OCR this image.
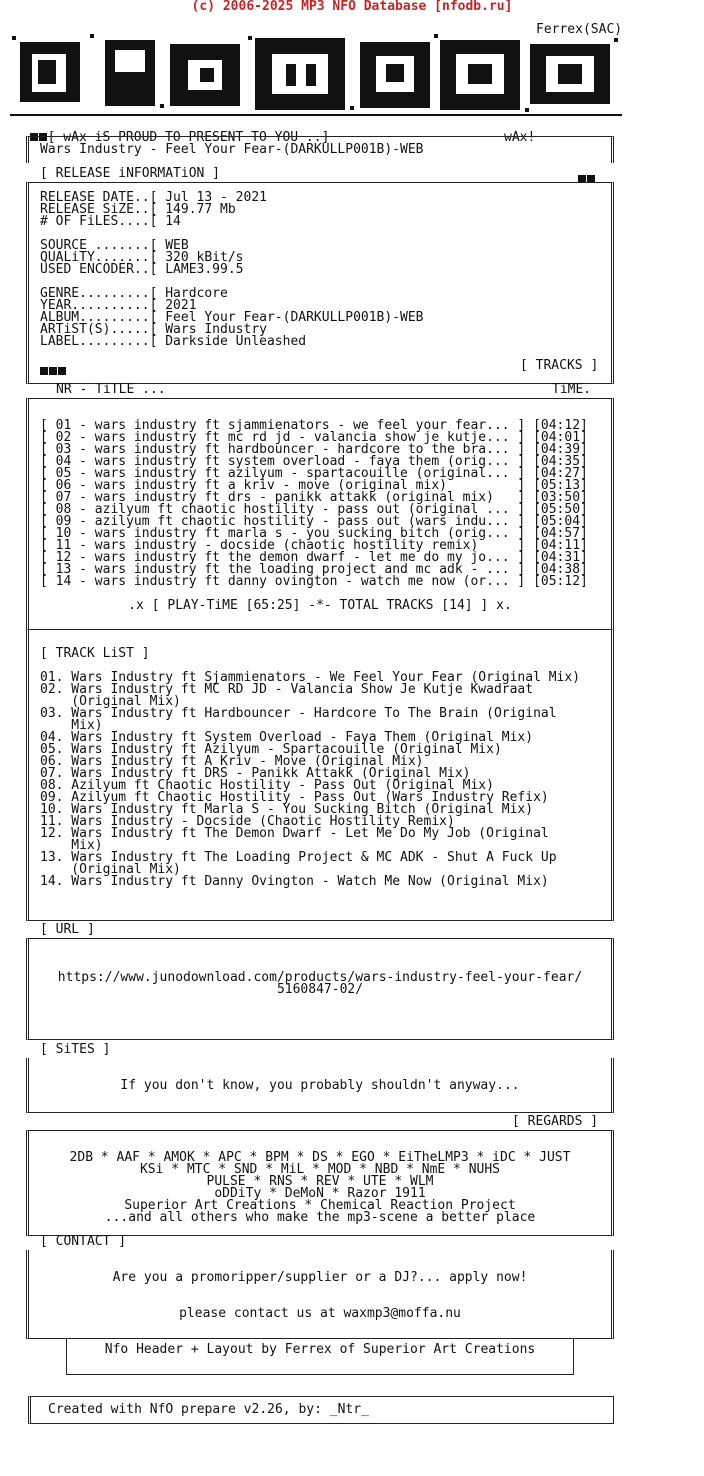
(c) 2006-2025 MP3 NFO Database [nfodb.ru]
Ferrex(SAC)

[ wAx iS PROUD TO PRESENT TO YOU ..]	wAx!
Wars Industry - Feel Your Fear-(DARKULLP001B)-WEB
[ RELEASE iNFORMATiON ]
RELEASE DATE..[ Jul 13 - 2021
RELEASE SiZE..[ 149.77 Mb
# OF FiLES....[ 14
SOURCE .......[ WEB
QUALiTY.......[ 320 kBit/s
USED ENCODER..[ LAME3.99.5
GENRE.........[ Hardcore
YEAR..........[ 2021
ALBUM.........[ Feel Your Fear-(DARKULLP001B)-WEB
ARTiST(S).....[ Wars Industry
LABEL.........[ Darkside Unleashed
[ TRACKS ]
NR - TiTLE ...	TiME.
[ 01 - wars industry ft sjammienators - we feel your fear... ] [04:12]
[ 02 - wars industry ft mc rd jd - valancia show je kutje... ] [04:01]
[ 03 - wars industry ft hardbouncer - hardcore to the bra... ] [04:39]
[ 04 - wars industry ft system overload - faya them (orig... ] [04:35]
[ 05 - wars industry ft azilyum - spartacouille (original... ] [04:27]
[ 06 - wars industry ft a kriv - move (original mix)         ] [05:13]
[ 07 - wars industry ft drs - panikk attakk (original mix)   ] [03:50]
[ 08 - azilyum ft chaotic hostility - pass out (original ... ] [05:50]
[ 09 - azilyum ft chaotic hostility - pass out (wars indu... ] [05:04]
[ 10 - wars industry ft marla s - you sucking bitch (orig... ] [04:57]
[ 11 - wars industry - docside (chaotic hostility remix)     ] [04:11]
[ 12 - wars industry ft the demon dwarf - let me do my jo... ] [04:31]
[ 13 - wars industry ft the loading project and mc adk - ... ] [04:38]
[ 14 - wars industry ft danny ovington - watch me now (or... ] [05:12]
.x [ PLAY-TiME [65:25] -*- TOTAL TRACKS [14] ] x.
[ TRACK LiST ]
01. Wars Industry ft Sjammienators - We Feel Your Fear (Original Mix)
02. Wars Industry ft MC RD JD - Valancia Show Je Kutje Kwadraat
(Original Mix)
03. Wars Industry ft Hardbouncer - Hardcore To The Brain (Original
Mix)
04. Wars Industry ft System Overload - Faya Them (Original Mix)
05. Wars Industry ft Azilyum - Spartacouille (Original Mix)
06. Wars Industry ft A Kriv - Move (Original Mix)
07. Wars Industry ft DRS - Panikk Attakk (Original Mix)
08. Azilyum ft Chaotic Hostility - Pass Out (Original Mix)
09. Azilyum ft Chaotic Hostility - Pass Out (Wars Industry Refix)
10. Wars Industry ft Marla S - You Sucking Bitch (Original Mix)
11. Wars Industry - Docside (Chaotic Hostility Remix)
12. Wars Industry ft The Demon Dwarf - Let Me Do My Job (Original
Mix)
13. Wars Industry ft The Loading Project & MC ADK - Shut A Fuck Up
(Original Mix)
14. Wars Industry ft Danny Ovington - Watch Me Now (Original Mix)
[ URL ]
https://www.junodownload.com/products/wars-industry-feel-your-fear/
5160847-02/
[ SiTES ]
If you don't know, you probably shouldn't anyway...
[ REGARDS ]
2DB * AAF * AMOK * APC * BPM * DS * EGO * EiTheLMP3 * iDC * JUST
KSi * MTC * SND * MiL * MOD * NBD * NmE * NUHS
PULSE * RNS * REV * UTE * WLM
oDDiTy * DeMoN * Razor 1911
Superior Art Creations * Chemical Reaction Project
...and all others who make the mp3-scene a better place
[ CONTACT ]
Are you a promoripper/supplier or a DJ?... apply now!
please contact us at waxmp3@moffa.nu
Nfo Header + Layout by Ferrex of Superior Art Creations
Created with NfO prepare v2.26, by: _Ntr_
